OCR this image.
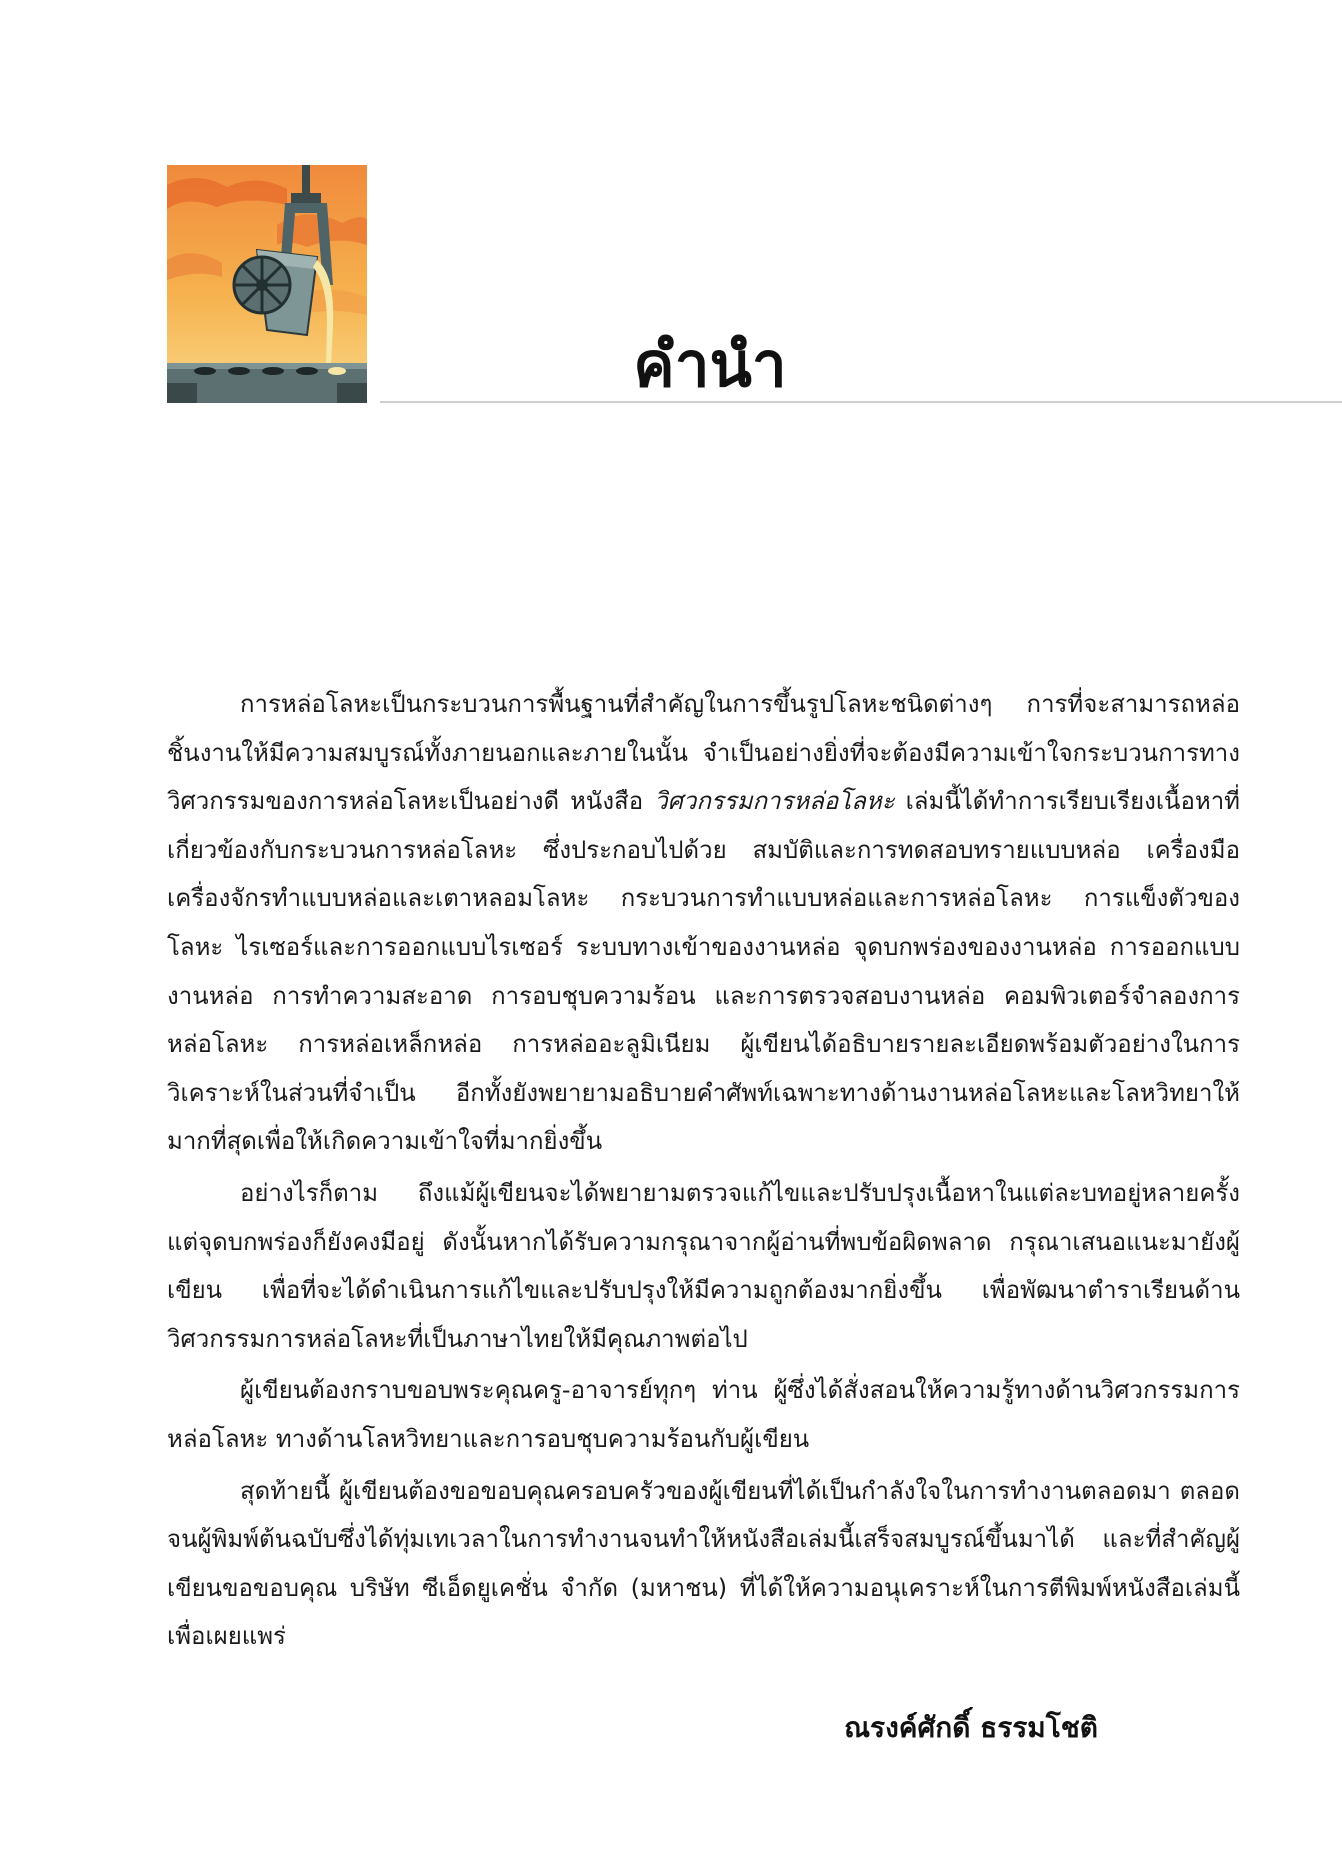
คำนำ

การหล่อโลหะเป็นกระบวนการพื้นฐานที่สำคัญในการขึ้นรูปโลหะชนิดต่างๆ การที่จะสามารถหล่อชิ้นงานให้มีความสมบูรณ์ทั้งภายนอกและภายในนั้น จำเป็นอย่างยิ่งที่จะต้องมีความเข้าใจกระบวนการทางวิศวกรรมของการหล่อโลหะเป็นอย่างดี หนังสือ วิศวกรรมการหล่อโลหะ เล่มนี้ได้ทำการเรียบเรียงเนื้อหาที่เกี่ยวข้องกับกระบวนการหล่อโลหะ ซึ่งประกอบไปด้วย สมบัติและการทดสอบทรายแบบหล่อ เครื่องมือเครื่องจักรทำแบบหล่อและเตาหลอมโลหะ กระบวนการทำแบบหล่อและการหล่อโลหะ การแข็งตัวของโลหะ ไรเซอร์และการออกแบบไรเซอร์ ระบบทางเข้าของงานหล่อ จุดบกพร่องของงานหล่อ การออกแบบงานหล่อ การทำความสะอาด การอบชุบความร้อน และการตรวจสอบงานหล่อ คอมพิวเตอร์จำลองการหล่อโลหะ การหล่อเหล็กหล่อ การหล่ออะลูมิเนียม ผู้เขียนได้อธิบายรายละเอียดพร้อมตัวอย่างในการวิเคราะห์ในส่วนที่จำเป็น อีกทั้งยังพยายามอธิบายคำศัพท์เฉพาะทางด้านงานหล่อโลหะและโลหวิทยาให้มากที่สุดเพื่อให้เกิดความเข้าใจที่มากยิ่งขึ้น

อย่างไรก็ตาม ถึงแม้ผู้เขียนจะได้พยายามตรวจแก้ไขและปรับปรุงเนื้อหาในแต่ละบทอยู่หลายครั้ง แต่จุดบกพร่องก็ยังคงมีอยู่ ดังนั้นหากได้รับความกรุณาจากผู้อ่านที่พบข้อผิดพลาด กรุณาเสนอแนะมายังผู้เขียน เพื่อที่จะได้ดำเนินการแก้ไขและปรับปรุงให้มีความถูกต้องมากยิ่งขึ้น เพื่อพัฒนาตำราเรียนด้านวิศวกรรมการหล่อโลหะที่เป็นภาษาไทยให้มีคุณภาพต่อไป

ผู้เขียนต้องกราบขอบพระคุณครู-อาจารย์ทุกๆ ท่าน ผู้ซึ่งได้สั่งสอนให้ความรู้ทางด้านวิศวกรรมการหล่อโลหะ ทางด้านโลหวิทยาและการอบชุบความร้อนกับผู้เขียน

สุดท้ายนี้ ผู้เขียนต้องขอขอบคุณครอบครัวของผู้เขียนที่ได้เป็นกำลังใจในการทำงานตลอดมา ตลอดจนผู้พิมพ์ต้นฉบับซึ่งได้ทุ่มเทเวลาในการทำงานจนทำให้หนังสือเล่มนี้เสร็จสมบูรณ์ขึ้นมาได้ และที่สำคัญผู้เขียนขอขอบคุณ บริษัท ซีเอ็ดยูเคชั่น จำกัด (มหาชน) ที่ได้ให้ความอนุเคราะห์ในการตีพิมพ์หนังสือเล่มนี้เพื่อเผยแพร่

ณรงค์ศักดิ์ ธรรมโชติ
